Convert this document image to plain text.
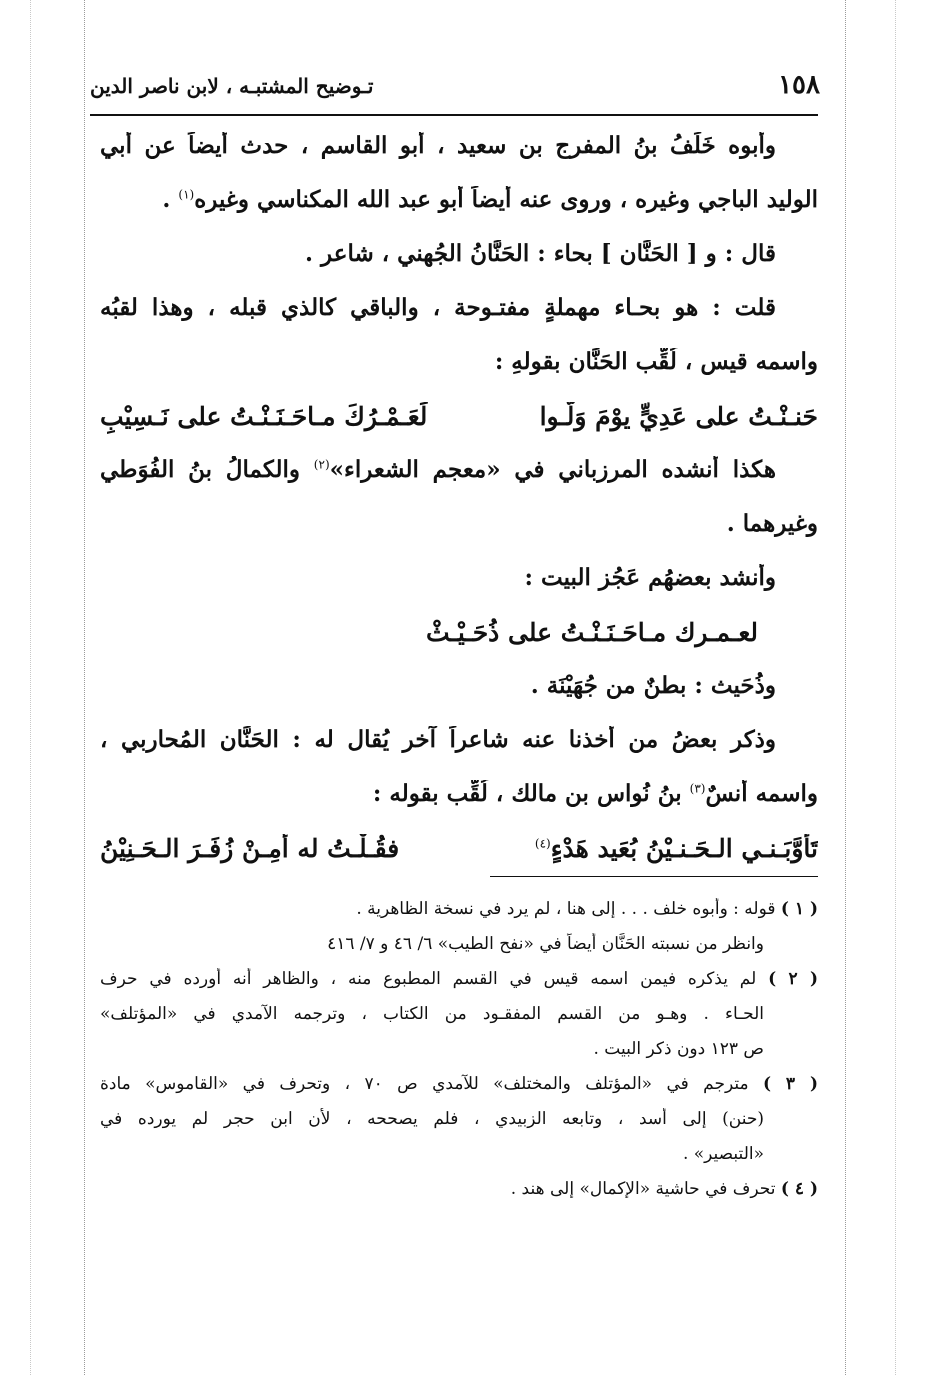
١٥٨
تـوضيح المشتبـه ، لابن ناصر الدين
وأبوه خَلَفُ بنُ المفرج بن سعيد ، أبو القاسم ، حدث أيضاً عن أبي
الوليد الباجي وغيره ، وروى عنه أيضاً أبو عبد الله المكناسي وغيره$^{(١)}$ .
قال : و [ الحَنَّان ] بحاء : الحَنَّانُ الجُهني ، شاعر .
قلت : هو بحـاء مهملةٍ مفتـوحة ، والباقي كالذي قبله ، وهذا لقبُه
واسمه قيس ، لُقِّب الحَنَّان بقولهِ :
حَنـنْـتُ على عَدِيٍّ يوْمَ وَلَّـوا
لَعَـمْـرُكَ مـاحَـنَـنْـتُ على نَـسِيْبِ
هكذا أنشده المرزباني في «معجم الشعراء»$^{(٢)}$ والكمالُ بنُ الفُوَطي
وغيرهما .
وأنشد بعضهُم عَجُز البيت :
لعـمـرك مـاحَـنَـنْـتُ على ذُحَـيْـثْ
وذُحَيث : بطنٌ من جُهَيْنَة .
وذكر بعضُ من أخذنا عنه شاعراً آخر يُقال له : الحَنَّان المُحاربي ،
واسمه أنسٌ$^{(٣)}$ بنُ نُواس بن مالك ، لُقِّب بقوله :
تَأَوَّبَـنـي الـحَـنـيْنُ بُعَيد هَدْءٍ$^{(٤)}$
فقُـلْـتُ له أمِـنْ زُفَـرَ الـحَـنِيْنُ
( ١ ) قوله : وأبوه خلف . . . إلى هنا ، لم يرد في نسخة الظاهرية .
وانظر من نسبته الحَنَّان أيضاً في «نفح الطيب» ٦/ ٤٦ و ٧/ ٤١٦
( ٢ ) لم يذكره فيمن اسمه قيس في القسم المطبوع منه ، والظاهر أنه أورده في حرف
الحـاء . وهـو من القسم المفقـود من الكتاب ، وترجمه الآمدي في «المؤتلف»
ص ١٢٣ دون ذكر البيت .
( ٣ ) مترجم في «المؤتلف والمختلف» للآمدي ص ٧٠ ، وتحرف في «القاموس» مادة
(حنن) إلى أسد ، وتابعه الزبيدي ، فلم يصححه ، لأن ابن حجر لم يورده في
«التبصير» .
( ٤ ) تحرف في حاشية «الإكمال» إلى هند .
